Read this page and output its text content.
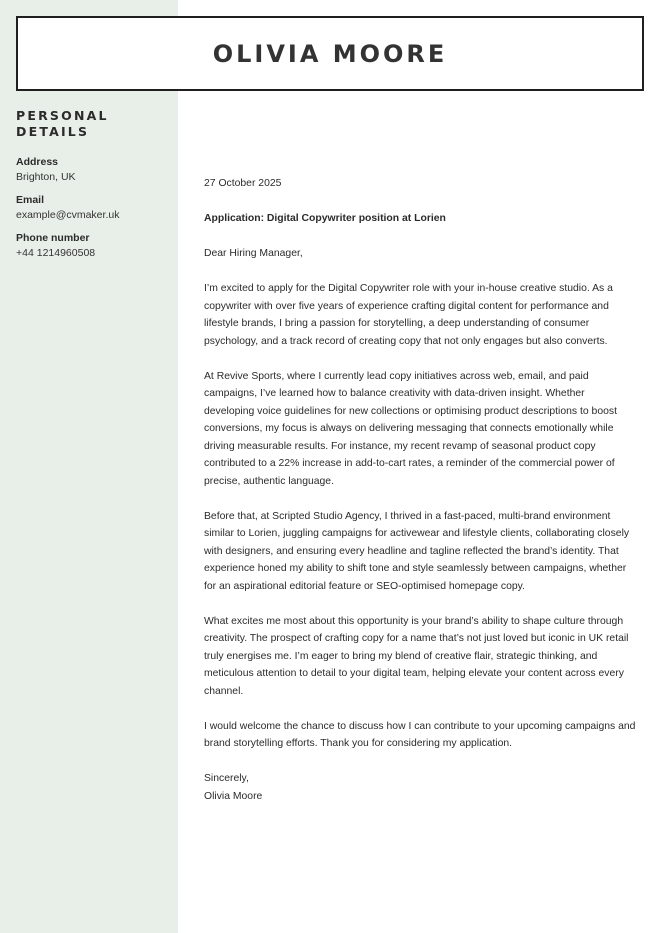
OLIVIA MOORE
PERSONAL DETAILS
Address
Brighton, UK
Email
example@cvmaker.uk
Phone number
+44 1214960508

27 October 2025

Application: Digital Copywriter position at Lorien

Dear Hiring Manager,

I’m excited to apply for the Digital Copywriter role with your in-house creative studio. As a copywriter with over five years of experience crafting digital content for performance and lifestyle brands, I bring a passion for storytelling, a deep understanding of consumer psychology, and a track record of creating copy that not only engages but also converts.

At Revive Sports, where I currently lead copy initiatives across web, email, and paid campaigns, I’ve learned how to balance creativity with data-driven insight. Whether developing voice guidelines for new collections or optimising product descriptions to boost conversions, my focus is always on delivering messaging that connects emotionally while driving measurable results. For instance, my recent revamp of seasonal product copy contributed to a 22% increase in add-to-cart rates, a reminder of the commercial power of precise, authentic language.

Before that, at Scripted Studio Agency, I thrived in a fast-paced, multi-brand environment similar to Lorien, juggling campaigns for activewear and lifestyle clients, collaborating closely with designers, and ensuring every headline and tagline reflected the brand’s identity. That experience honed my ability to shift tone and style seamlessly between campaigns, whether for an aspirational editorial feature or SEO-optimised homepage copy.

What excites me most about this opportunity is your brand’s ability to shape culture through creativity. The prospect of crafting copy for a name that’s not just loved but iconic in UK retail truly energises me. I’m eager to bring my blend of creative flair, strategic thinking, and meticulous attention to detail to your digital team, helping elevate your content across every channel.

I would welcome the chance to discuss how I can contribute to your upcoming campaigns and brand storytelling efforts. Thank you for considering my application.

Sincerely,

Olivia Moore
